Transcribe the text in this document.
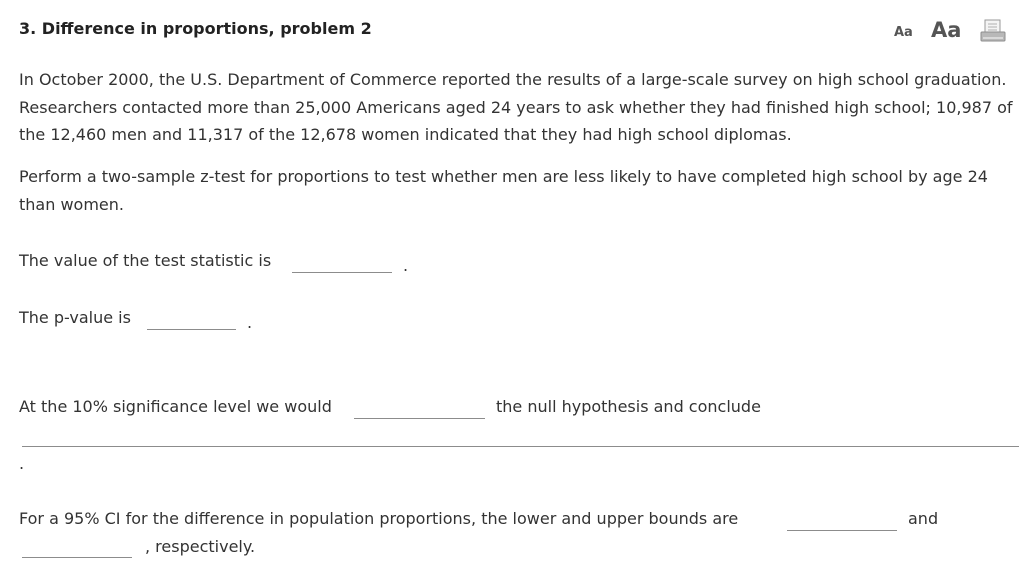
3. Difference in proportions, problem 2	Aa Aa
In October 2000, the U.S. Department of Commerce reported the results of a large-scale survey on high school graduation. Researchers contacted more than 25,000 Americans aged 24 years to ask whether they had finished high school; 10,987 of the 12,460 men and 11,317 of the 12,678 women indicated that they had high school diplomas.
Perform a two-sample z-test for proportions to test whether men are less likely to have completed high school by age 24 than women.
The value of the test statistic is	.
The p-value is	.
At the 10% significance level we would	the null hypothesis and conclude
.
For a 95% CI for the difference in population proportions, the lower and upper bounds are	and
, respectively.
